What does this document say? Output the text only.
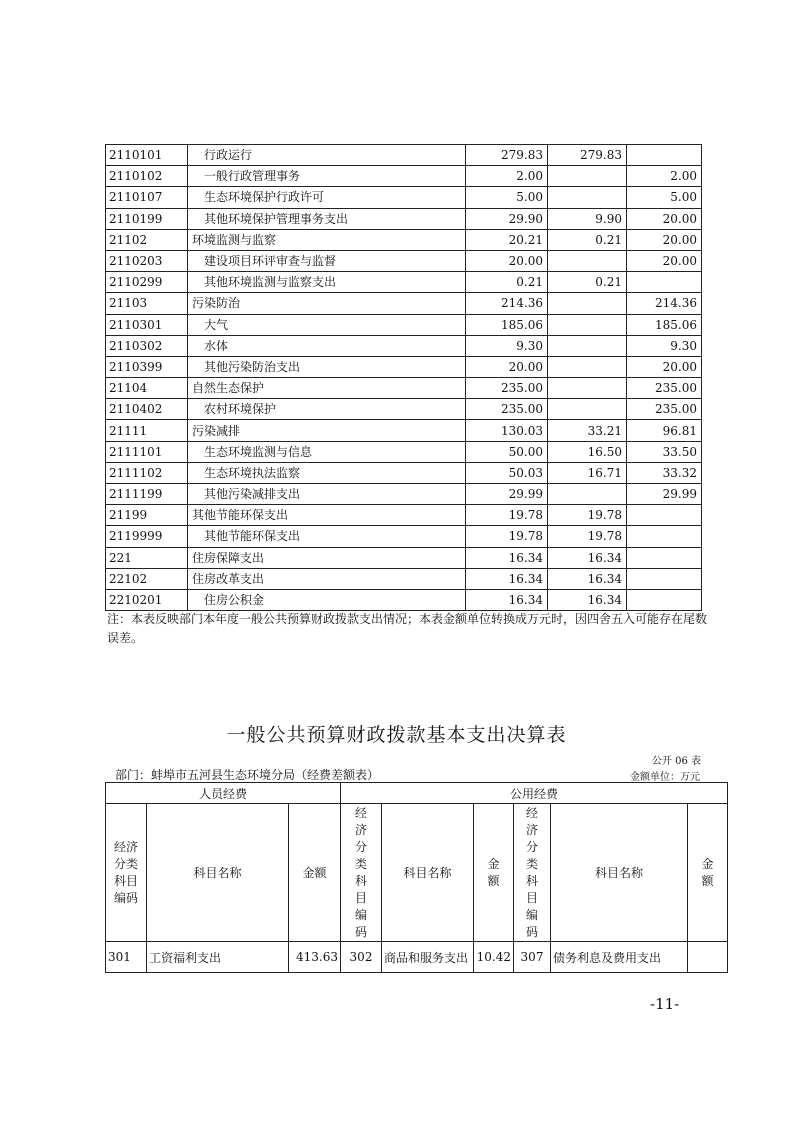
2110101	行政运行	279.83	279.83	
2110102	一般行政管理事务	2.00		2.00
2110107	生态环境保护行政许可	5.00		5.00
2110199	其他环境保护管理事务支出	29.90	9.90	20.00
21102	环境监测与监察	20.21	0.21	20.00
2110203	建设项目环评审查与监督	20.00		20.00
2110299	其他环境监测与监察支出	0.21	0.21	
21103	污染防治	214.36		214.36
2110301	大气	185.06		185.06
2110302	水体	9.30		9.30
2110399	其他污染防治支出	20.00		20.00
21104	自然生态保护	235.00		235.00
2110402	农村环境保护	235.00		235.00
21111	污染减排	130.03	33.21	96.81
2111101	生态环境监测与信息	50.00	16.50	33.50
2111102	生态环境执法监察	50.03	16.71	33.32
2111199	其他污染减排支出	29.99		29.99
21199	其他节能环保支出	19.78	19.78	
2119999	其他节能环保支出	19.78	19.78	
221	住房保障支出	16.34	16.34	
22102	住房改革支出	16.34	16.34	
2210201	住房公积金	16.34	16.34	
注：本表反映部门本年度一般公共预算财政拨款支出情况；本表金额单位转换成万元时，因四舍五入可能存在尾数误差。
一般公共预算财政拨款基本支出决算表
公开 06 表
部门：蚌埠市五河县生态环境分局（经费差额表）	金额单位：万元
人员经费			公用经费					
经济分类科目编码	科目名称	金额	经济分类科目编码	科目名称	金额	经济分类科目编码	科目名称	金额
301	工资福利支出	413.63	302	商品和服务支出	10.42	307	债务利息及费用支出	
-11-
